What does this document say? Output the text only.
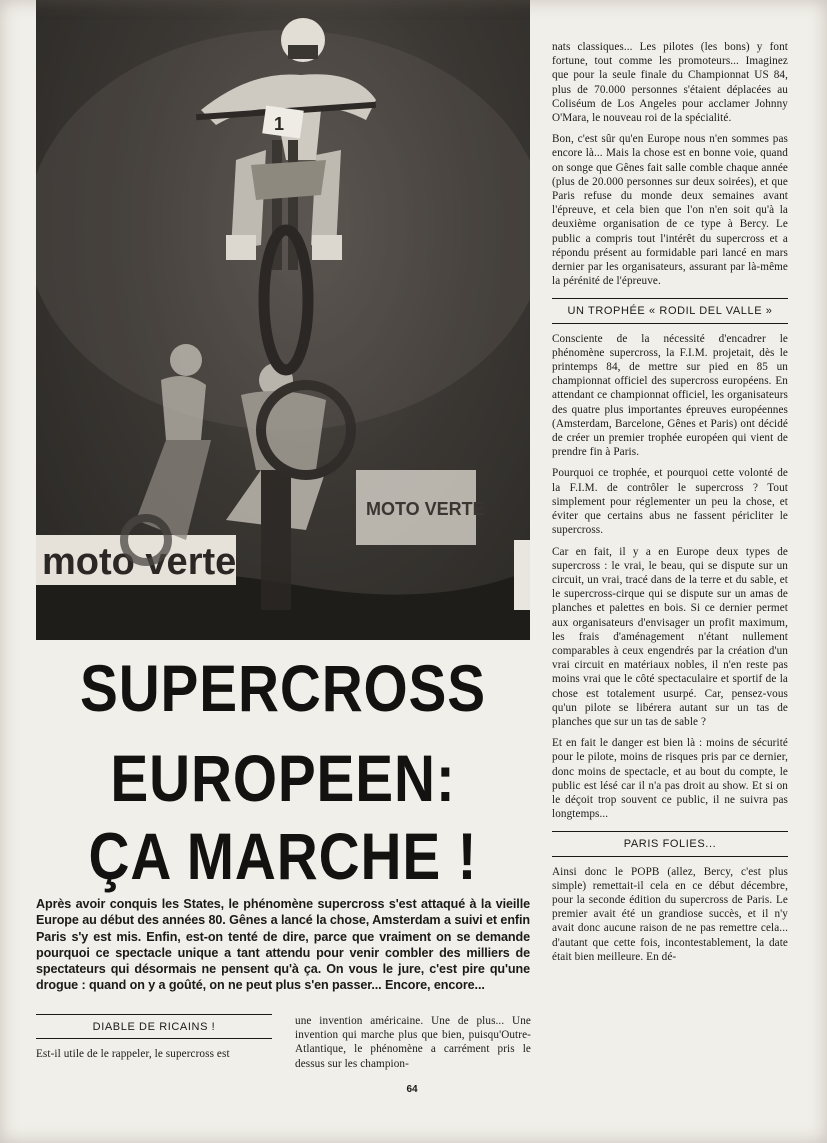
moto verte
MOTO VERTE
1
SUPERCROSS
EUROPEEN:
ÇA MARCHE !
Après avoir conquis les States, le phénomène supercross s'est attaqué à la vieille Europe au début des années 80. Gênes a lancé la chose, Amsterdam a suivi et enfin Paris s'y est mis. Enfin, est-on tenté de dire, parce que vraiment on se demande pourquoi ce spectacle unique a tant attendu pour venir combler des milliers de spectateurs qui désormais ne pensent qu'à ça. On vous le jure, c'est pire qu'une drogue : quand on y a goûté, on ne peut plus s'en passer... Encore, encore...
DIABLE DE RICAINS !

Est-il utile de le rappeler, le supercross est

une invention américaine. Une de plus... Une invention qui marche plus que bien, puisqu'Outre-Atlantique, le phénomène a carrément pris le dessus sur les champion-

nats classiques... Les pilotes (les bons) y font fortune, tout comme les promoteurs... Imaginez que pour la seule finale du Championnat US 84, plus de 70.000 personnes s'étaient déplacées au Coliséum de Los Angeles pour acclamer Johnny O'Mara, le nouveau roi de la spécialité.

Bon, c'est sûr qu'en Europe nous n'en sommes pas encore là... Mais la chose est en bonne voie, quand on songe que Gênes fait salle comble chaque année (plus de 20.000 personnes sur deux soirées), et que Paris refuse du monde deux semaines avant l'épreuve, et cela bien que l'on n'en soit qu'à la deuxième organisation de ce type à Bercy. Le public a compris tout l'intérêt du supercross et a répondu présent au formidable pari lancé en mars dernier par les organisateurs, assurant par là-même la pérénité de l'épreuve.

UN TROPHÉE « RODIL DEL VALLE »

Consciente de la nécessité d'encadrer le phénomène supercross, la F.I.M. projetait, dès le printemps 84, de mettre sur pied en 85 un championnat officiel des supercross européens. En attendant ce championnat officiel, les organisateurs des quatre plus importantes épreuves européennes (Amsterdam, Barcelone, Gênes et Paris) ont décidé de créer un premier trophée européen qui vient de prendre fin à Paris.

Pourquoi ce trophée, et pourquoi cette volonté de la F.I.M. de contrôler le supercross ? Tout simplement pour réglementer un peu la chose, et éviter que certains abus ne fassent péricliter le supercross.

Car en fait, il y a en Europe deux types de supercross : le vrai, le beau, qui se dispute sur un circuit, un vrai, tracé dans de la terre et du sable, et le supercross-cirque qui se dispute sur un amas de planches et palettes en bois. Si ce dernier permet aux organisateurs d'envisager un profit maximum, les frais d'aménagement n'étant nullement comparables à ceux engendrés par la création d'un vrai circuit en matériaux nobles, il n'en reste pas moins vrai que le côté spectaculaire et sportif de la chose est totalement usurpé. Car, pensez-vous qu'un pilote se libérera autant sur un tas de planches que sur un tas de sable ?

Et en fait le danger est bien là : moins de sécurité pour le pilote, moins de risques pris par ce dernier, donc moins de spectacle, et au bout du compte, le public est lésé car il n'a pas droit au show. Et si on le déçoit trop souvent ce public, il ne suivra pas longtemps...

PARIS FOLIES...

Ainsi donc le POPB (allez, Bercy, c'est plus simple) remettait-il cela en ce début décembre, pour la seconde édition du supercross de Paris. Le premier avait été un grandiose succès, et il n'y avait donc aucune raison de ne pas remettre cela... d'autant que cette fois, incontestablement, la date était bien meilleure. En dé-

64
